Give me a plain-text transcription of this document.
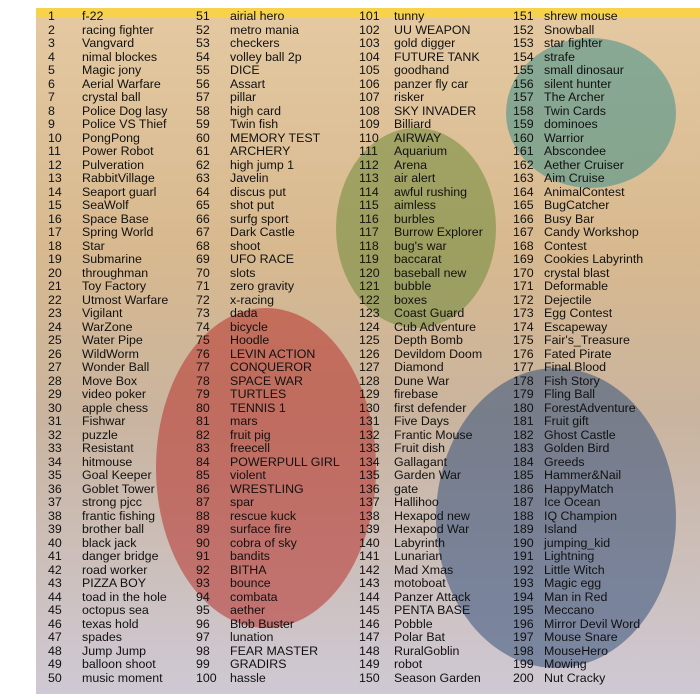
1 f-22
2 racing fighter
3 Vangvard
4 nimal blockes
5 Magic jony
6 Aerial Warfare
7 crystal ball
8 Police Dog lasy
9 Police VS Thief
10 PongPong
11 Power Robot
12 Pulveration
13 RabbitVillage
14 Seaport guarl
15 SeaWolf
16 Space Base
17 Spring World
18 Star
19 Submarine
20 throughman
21 Toy Factory
22 Utmost Warfare
23 Vigilant
24 WarZone
25 Water Pipe
26 WildWorm
27 Wonder Ball
28 Move Box
29 video poker
30 apple chess
31 Fishwar
32 puzzle
33 Resistant
34 hitmouse
35 Goal Keeper
36 Goblet Tower
37 strong pjcc
38 frantic fishing
39 brother ball
40 black jack
41 danger bridge
42 road worker
43 PIZZA BOY
44 toad in the hole
45 octopus sea
46 texas hold
47 spades
48 Jump Jump
49 balloon shoot
50 music moment
51 airial hero
52 metro mania
53 checkers
54 volley ball 2p
55 DICE
56 Assart
57 pillar
58 high card
59 Twin fish
60 MEMORY TEST
61 ARCHERY
62 high jump 1
63 Javelin
64 discus put
65 shot put
66 surfg sport
67 Dark Castle
68 shoot
69 UFO RACE
70 slots
71 zero gravity
72 x-racing
73 dada
74 bicycle
75 Hoodle
76 LEVIN ACTION
77 CONQUEROR
78 SPACE WAR
79 TURTLES
80 TENNIS 1
81 mars
82 fruit pig
83 freecell
84 POWERPULL GIRL
85 violent
86 WRESTLING
87 spar
88 rescue kuck
89 surface fire
90 cobra of sky
91 bandits
92 BITHA
93 bounce
94 combata
95 aether
96 Blob Buster
97 lunation
98 FEAR MASTER
99 GRADIRS
100 hassle
101 tunny
102 UU WEAPON
103 gold digger
104 FUTURE TANK
105 goodhand
106 panzer fly car
107 risker
108 SKY INVADER
109 Billiard
110 AIRWAY
111 Aquarium
112 Arena
113 air alert
114 awful rushing
115 aimless
116 burbles
117 Burrow Explorer
118 bug's war
119 baccarat
120 baseball new
121 bubble
122 boxes
123 Coast Guard
124 Cub Adventure
125 Depth Bomb
126 Devildom Doom
127 Diamond
128 Dune War
129 firebase
130 first defender
131 Five Days
132 Frantic Mouse
133 Fruit dish
134 Gallagant
135 Garden War
136 gate
137 Hallihoo
138 Hexapod new
139 Hexapod War
140 Labyrinth
141 Lunarian
142 Mad Xmas
143 motoboat
144 Panzer Attack
145 PENTA BASE
146 Pobble
147 Polar Bat
148 RuralGoblin
149 robot
150 Season Garden
151 shrew mouse
152 Snowball
153 star fighter
154 strafe
155 small dinosaur
156 silent hunter
157 The Archer
158 Twin Cards
159 dominoes
160 Warrior
161 Abscondee
162 Aether Cruiser
163 Aim Cruise
164 AnimalContest
165 BugCatcher
166 Busy Bar
167 Candy Workshop
168 Contest
169 Cookies Labyrinth
170 crystal blast
171 Deformable
172 Dejectile
173 Egg Contest
174 Escapeway
175 Fair's_Treasure
176 Fated Pirate
177 Final Blood
178 Fish Story
179 Fling Ball
180 ForestAdventure
181 Fruit gift
182 Ghost Castle
183 Golden Bird
184 Greeds
185 Hammer&Nail
186 HappyMatch
187 Ice Ocean
188 IQ Champion
189 Island
190 jumping_kid
191 Lightning
192 Little Witch
193 Magic egg
194 Man in Red
195 Meccano
196 Mirror Devil Word
197 Mouse Snare
198 MouseHero
199 Mowing
200 Nut Cracky
